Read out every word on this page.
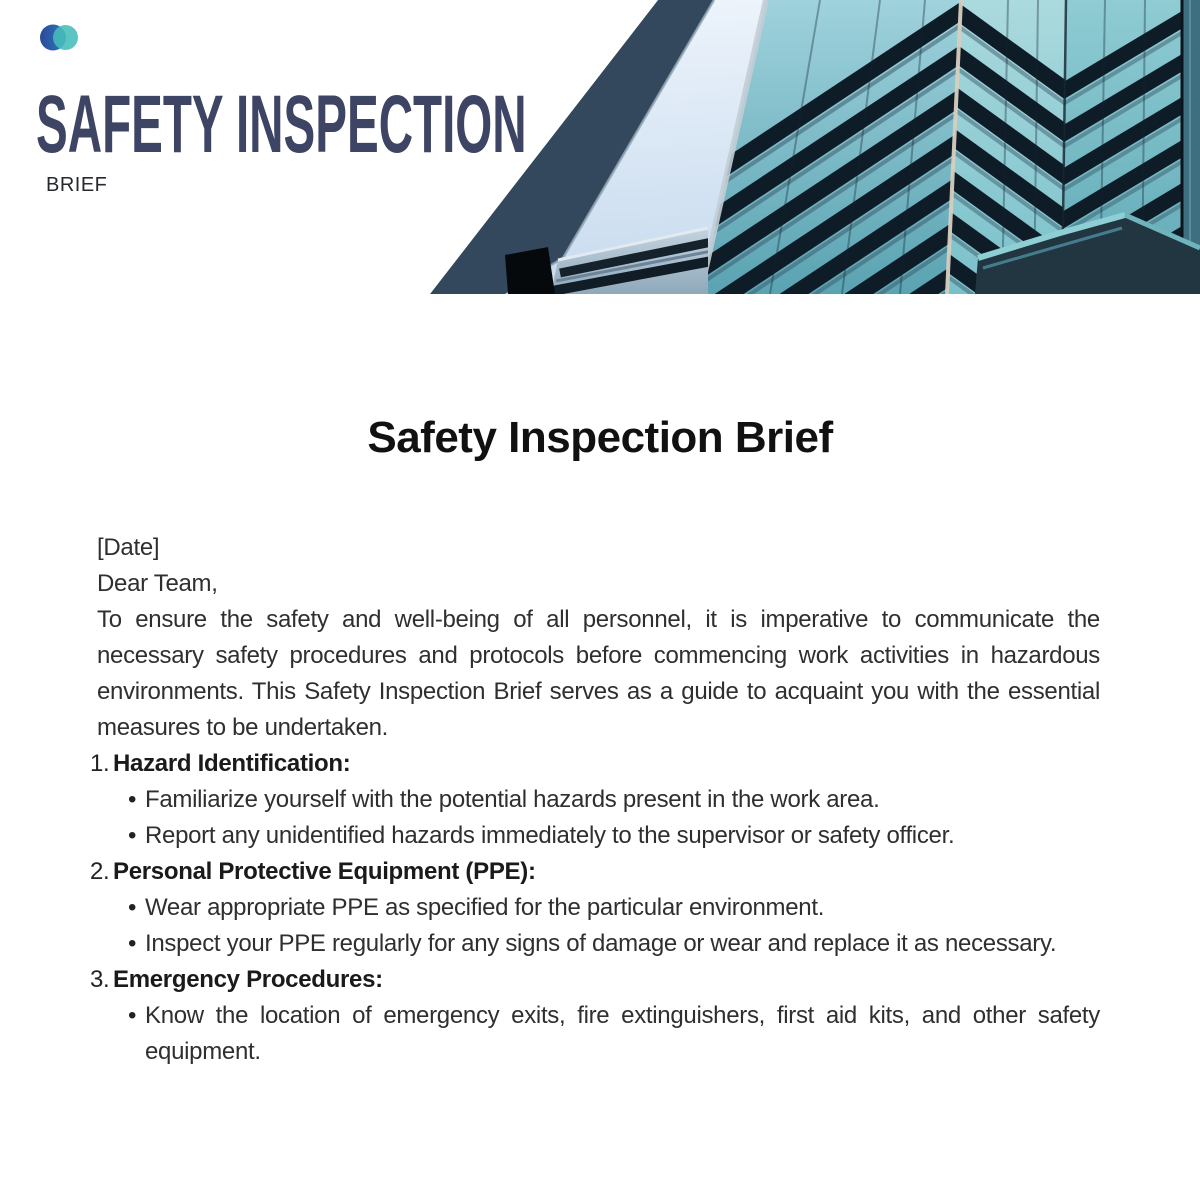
SAFETY INSPECTION
BRIEF
Safety Inspection Brief

[Date]

Dear Team,

To ensure the safety and well-being of all personnel, it is imperative to communicate the necessary safety procedures and protocols before commencing work activities in hazardous environments. This Safety Inspection Brief serves as a guide to acquaint you with the essential measures to be undertaken.

1. Hazard Identification:
• Familiarize yourself with the potential hazards present in the work area.
• Report any unidentified hazards immediately to the supervisor or safety officer.
2. Personal Protective Equipment (PPE):
• Wear appropriate PPE as specified for the particular environment.
• Inspect your PPE regularly for any signs of damage or wear and replace it as necessary.
3. Emergency Procedures:
• Know the location of emergency exits, fire extinguishers, first aid kits, and other safety equipment.
